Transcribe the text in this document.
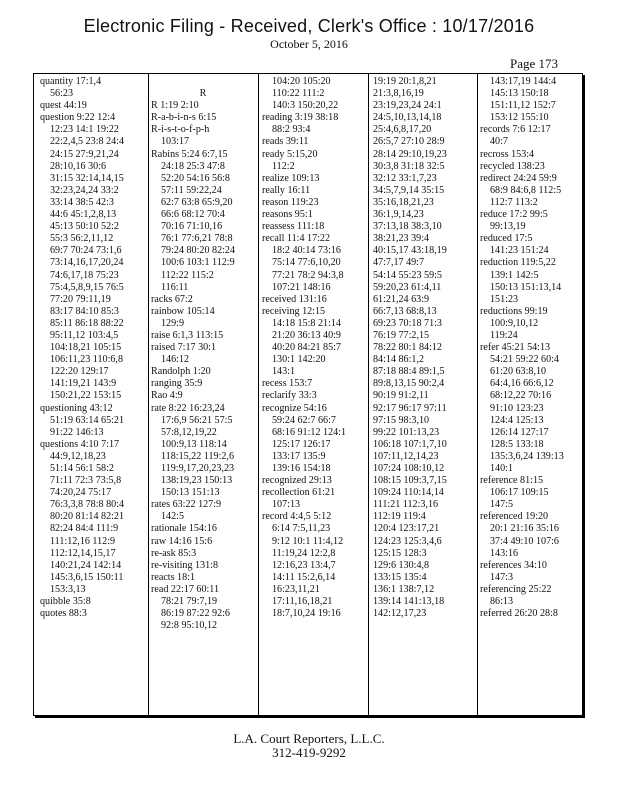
Electronic Filing - Received, Clerk's Office : 10/17/2016
October 5, 2016
Page 173
quantity 17:1,4
56:23
quest 44:19
question 9:22 12:4
12:23 14:1 19:22
22:2,4,5 23:8 24:4
24:15 27:9,21,24
28:10,16 30:6
31:15 32:14,14,15
32:23,24,24 33:2
33:14 38:5 42:3
44:6 45:1,2,8,13
45:13 50:10 52:2
55:3 56:2,11,12
69:7 70:24 73:1,6
73:14,16,17,20,24
74:6,17,18 75:23
75:4,5,8,9,15 76:5
77:20 79:11,19
83:17 84:10 85:3
85:11 86:18 88:22
95:11,12 103:4,5
104:18,21 105:15
106:11,23 110:6,8
122:20 129:17
141:19,21 143:9
150:21,22 153:15
questioning 43:12
51:19 63:14 65:21
91:22 146:13
questions 4:10 7:17
44:9,12,18,23
51:14 56:1 58:2
71:11 72:3 73:5,8
74:20,24 75:17
76:3,3,8 78:8 80:4
80:20 81:14 82:21
82:24 84:4 111:9
111:12,16 112:9
112:12,14,15,17
140:21,24 142:14
145:3,6,15 150:11
153:3,13
quibble 35:8
quotes 88:3
R
R 1:19 2:10
R-a-b-i-n-s 6:15
R-i-s-t-o-f-p-h
103:17
Rabins 5:24 6:7,15
24:18 25:3 47:8
52:20 54:16 56:8
57:11 59:22,24
62:7 63:8 65:9,20
66:6 68:12 70:4
70:16 71:10,16
76:1 77:6,21 78:8
79:24 80:20 82:24
100:6 103:1 112:9
112:22 115:2
116:11
racks 67:2
rainbow 105:14
129:9
raise 6:1,3 113:15
raised 7:17 30:1
146:12
Randolph 1:20
ranging 35:9
Rao 4:9
rate 8:22 16:23,24
17:6,9 56:21 57:5
57:8,12,19,22
100:9,13 118:14
118:15,22 119:2,6
119:9,17,20,23,23
138:19,23 150:13
150:13 151:13
rates 63:22 127:9
142:5
rationale 154:16
raw 14:16 15:6
re-ask 85:3
re-visiting 131:8
reacts 18:1
read 22:17 60:11
78:21 79:7,19
86:19 87:22 92:6
92:8 95:10,12
104:20 105:20
110:22 111:2
140:3 150:20,22
reading 3:19 38:18
88:2 93:4
reads 39:11
ready 5:15,20
112:2
realize 109:13
really 16:11
reason 119:23
reasons 95:1
reassess 111:18
recall 11:4 17:22
18:2 40:14 73:16
75:14 77:6,10,20
77:21 78:2 94:3,8
107:21 148:16
received 131:16
receiving 12:15
14:18 15:8 21:14
21:20 36:13 40:9
40:20 84:21 85:7
130:1 142:20
143:1
recess 153:7
reclarify 33:3
recognize 54:16
59:24 62:7 66:7
68:16 91:12 124:1
125:17 126:17
133:17 135:9
139:16 154:18
recognized 29:13
recollection 61:21
107:13
record 4:4,5 5:12
6:14 7:5,11,23
9:12 10:1 11:4,12
11:19,24 12:2,8
12:16,23 13:4,7
14:11 15:2,6,14
16:23,11,21
17:11,16,18,21
18:7,10,24 19:16
19:19 20:1,8,21
21:3,8,16,19
23:19,23,24 24:1
24:5,10,13,14,18
25:4,6,8,17,20
26:5,7 27:10 28:9
28:14 29:10,19,23
30:3,8 31:18 32:5
32:12 33:1,7,23
34:5,7,9,14 35:15
35:16,18,21,23
36:1,9,14,23
37:13,18 38:3,10
38:21,23 39:4
40:15,17 43:18,19
47:7,17 49:7
54:14 55:23 59:5
59:20,23 61:4,11
61:21,24 63:9
66:7,13 68:8,13
69:23 70:18 71:3
76:19 77:2,15
78:22 80:1 84:12
84:14 86:1,2
87:18 88:4 89:1,5
89:8,13,15 90:2,4
90:19 91:2,11
92:17 96:17 97:11
97:15 98:3,10
99:22 101:13,23
106:18 107:1,7,10
107:11,12,14,23
107:24 108:10,12
108:15 109:3,7,15
109:24 110:14,14
111:21 112:3,16
112:19 119:4
120:4 123:17,21
124:23 125:3,4,6
125:15 128:3
129:6 130:4,8
133:15 135:4
136:1 138:7,12
139:14 141:13,18
142:12,17,23
143:17,19 144:4
145:13 150:18
151:11,12 152:7
153:12 155:10
records 7:6 12:17
40:7
recross 153:4
recycled 138:23
redirect 24:24 59:9
68:9 84:6,8 112:5
112:7 113:2
reduce 17:2 99:5
99:13,19
reduced 17:5
141:23 151:24
reduction 119:5,22
139:1 142:5
150:13 151:13,14
151:23
reductions 99:19
100:9,10,12
119:24
refer 45:21 54:13
54:21 59:22 60:4
61:20 63:8,10
64:4,16 66:6,12
68:12,22 70:16
91:10 123:23
124:4 125:13
126:14 127:17
128:5 133:18
135:3,6,24 139:13
140:1
reference 81:15
106:17 109:15
147:5
referenced 19:20
20:1 21:16 35:16
37:4 49:10 107:6
143:16
references 34:10
147:3
referencing 25:22
86:13
referred 26:20 28:8
L.A. Court Reporters, L.L.C.
312-419-9292
